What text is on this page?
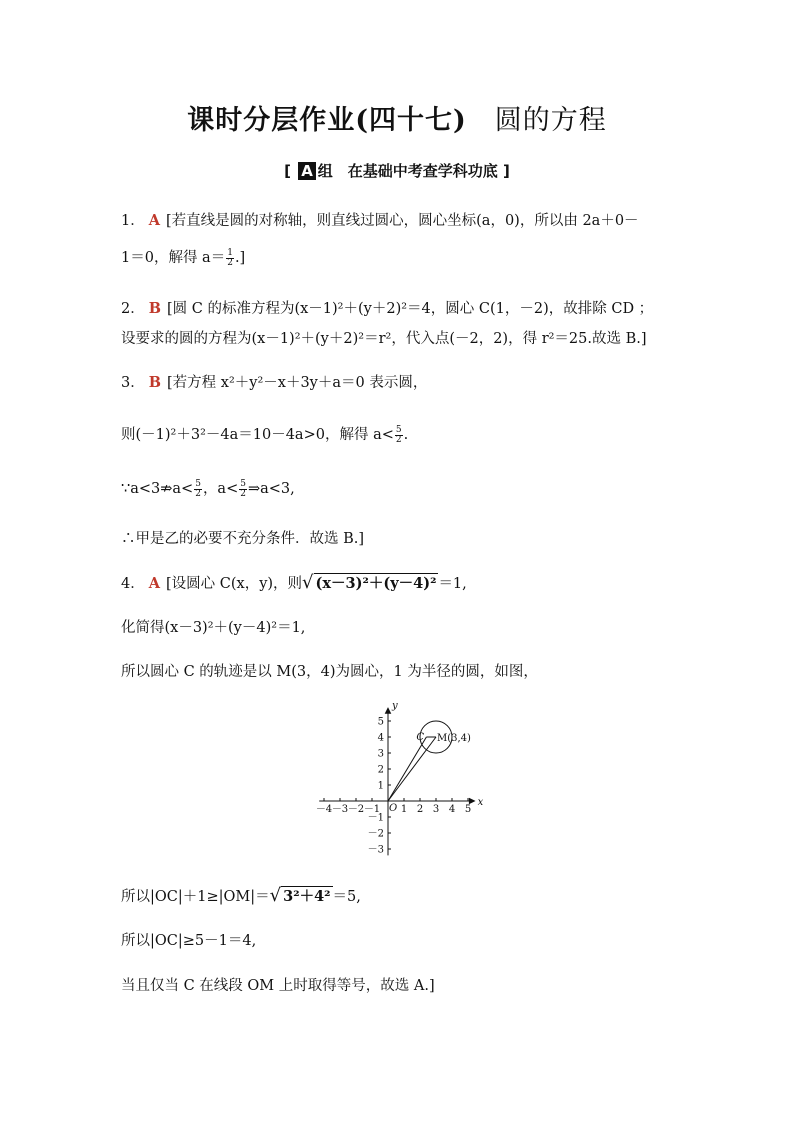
课时分层作业(四十七) 圆的方程
[ A 组　在基础中考查学科功底 ]
1． A [若直线是圆的对称轴，则直线过圆心，圆心坐标(a，0)，所以由 2a＋0－
1＝0，解得 $a= \frac{1}{2}$ .]
2． B [圆 C 的标准方程为(x－1)²＋(y＋2)²＝4，圆心 C(1，－2)，故排除 CD ；
设要求的圆的方程为(x－1)²＋(y＋2)²＝r²，代入点(－2，2)，得 r²＝25.故选 B.]
3． B [若方程 x²＋y²－x＋3y＋a＝0 表示圆，
则(－1)²＋3²－4a＝10－4a>0，解得 $a< \frac{5}{2}$ .
∵a<3⇏a< $\frac{5}{2}$ ，$a< \frac{5}{2}$ ⇒a<3,
∴甲是乙的必要不充分条件．故选 B.]
4． A [设圆心 C(x，y)，则√ (x－3)²＋(y－4)² ＝1,
化简得(x－3)²＋(y－4)²＝1,
所以圆心 C 的轨迹是以 M(3，4)为圆心，1 为半径的圆，如图，
－4 －3 －2 －1 1 2 3 4 5
5
4
3
2
1
－1
－2
－3
x
y
O
C M(3,4)
所以|OC|＋1≥|OM|＝√ 3²＋4² ＝5,
所以|OC|≥5－1＝4,
当且仅当 C 在线段 OM 上时取得等号，故选 A.]
